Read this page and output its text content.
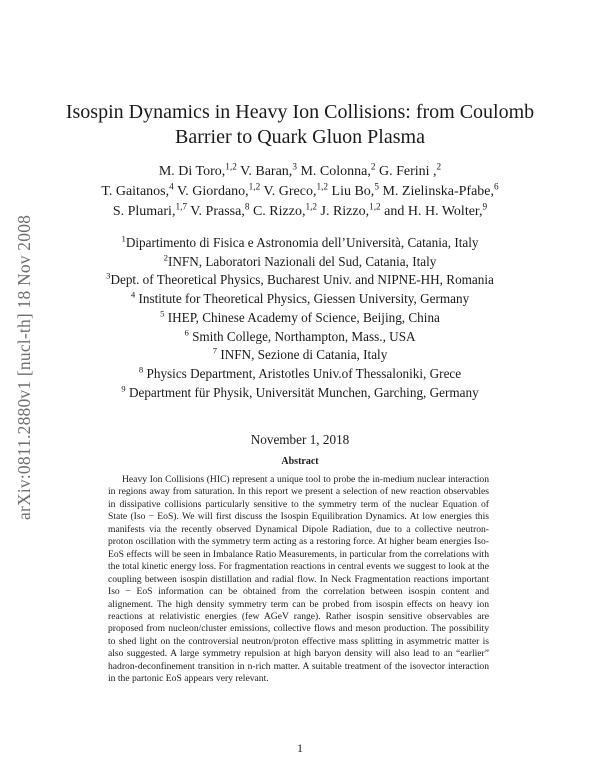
arXiv:0811.2880v1 [nucl-th] 18 Nov 2008
Isospin Dynamics in Heavy Ion Collisions: from Coulomb
Barrier to Quark Gluon Plasma
M. Di Toro,$^{1,2}$ V. Baran,$^3$ M. Colonna,$^2$ G. Ferini ,$^2$
T. Gaitanos,$^4$ V. Giordano,$^{1,2}$ V. Greco,$^{1,2}$ Liu Bo,$^5$ M. Zielinska-Pfabe,$^6$
S. Plumari,$^{1,7}$ V. Prassa,$^8$ C. Rizzo,$^{1,2}$ J. Rizzo,$^{1,2}$ and H. H. Wolter,$^9$
$^1$Dipartimento di Fisica e Astronomia dell’Università, Catania, Italy
$^2$INFN, Laboratori Nazionali del Sud, Catania, Italy
$^3$Dept. of Theoretical Physics, Bucharest Univ. and NIPNE-HH, Romania
$^4$ Institute for Theoretical Physics, Giessen University, Germany
$^5$ IHEP, Chinese Academy of Science, Beijing, China
$^6$ Smith College, Northampton, Mass., USA
$^7$ INFN, Sezione di Catania, Italy
$^8$ Physics Department, Aristotles Univ.of Thessaloniki, Grece
$^9$ Department für Physik, Universität Munchen, Garching, Germany
November 1, 2018
Abstract
Heavy Ion Collisions (HIC) represent a unique tool to probe the in-medium nuclear interaction in regions away from saturation. In this report we present a selection of new reaction observables in dissipative collisions particularly sensitive to the symmetry term of the nuclear Equation of State (Iso − EoS). We will first discuss the Isospin Equilibration Dynamics. At low energies this manifests via the recently observed Dynamical Dipole Radiation, due to a collective neutron-proton oscillation with the symmetry term acting as a restoring force. At higher beam energies Iso-EoS effects will be seen in Imbalance Ratio Measurements, in particular from the correlations with the total kinetic energy loss. For fragmentation reactions in central events we suggest to look at the coupling between isospin distillation and radial flow. In Neck Fragmentation reactions important Iso − EoS information can be obtained from the correlation between isospin content and alignement. The high density symmetry term can be probed from isospin effects on heavy ion reactions at relativistic energies (few AGeV range). Rather isospin sensitive observables are proposed from nucleon/cluster emissions, collective flows and meson production. The possibility to shed light on the controversial neutron/proton effective mass splitting in asymmetric matter is also suggested. A large symmetry repulsion at high baryon density will also lead to an “earlier” hadron-deconfinement transition in n-rich matter. A suitable treatment of the isovector interaction in the partonic EoS appears very relevant.
1
